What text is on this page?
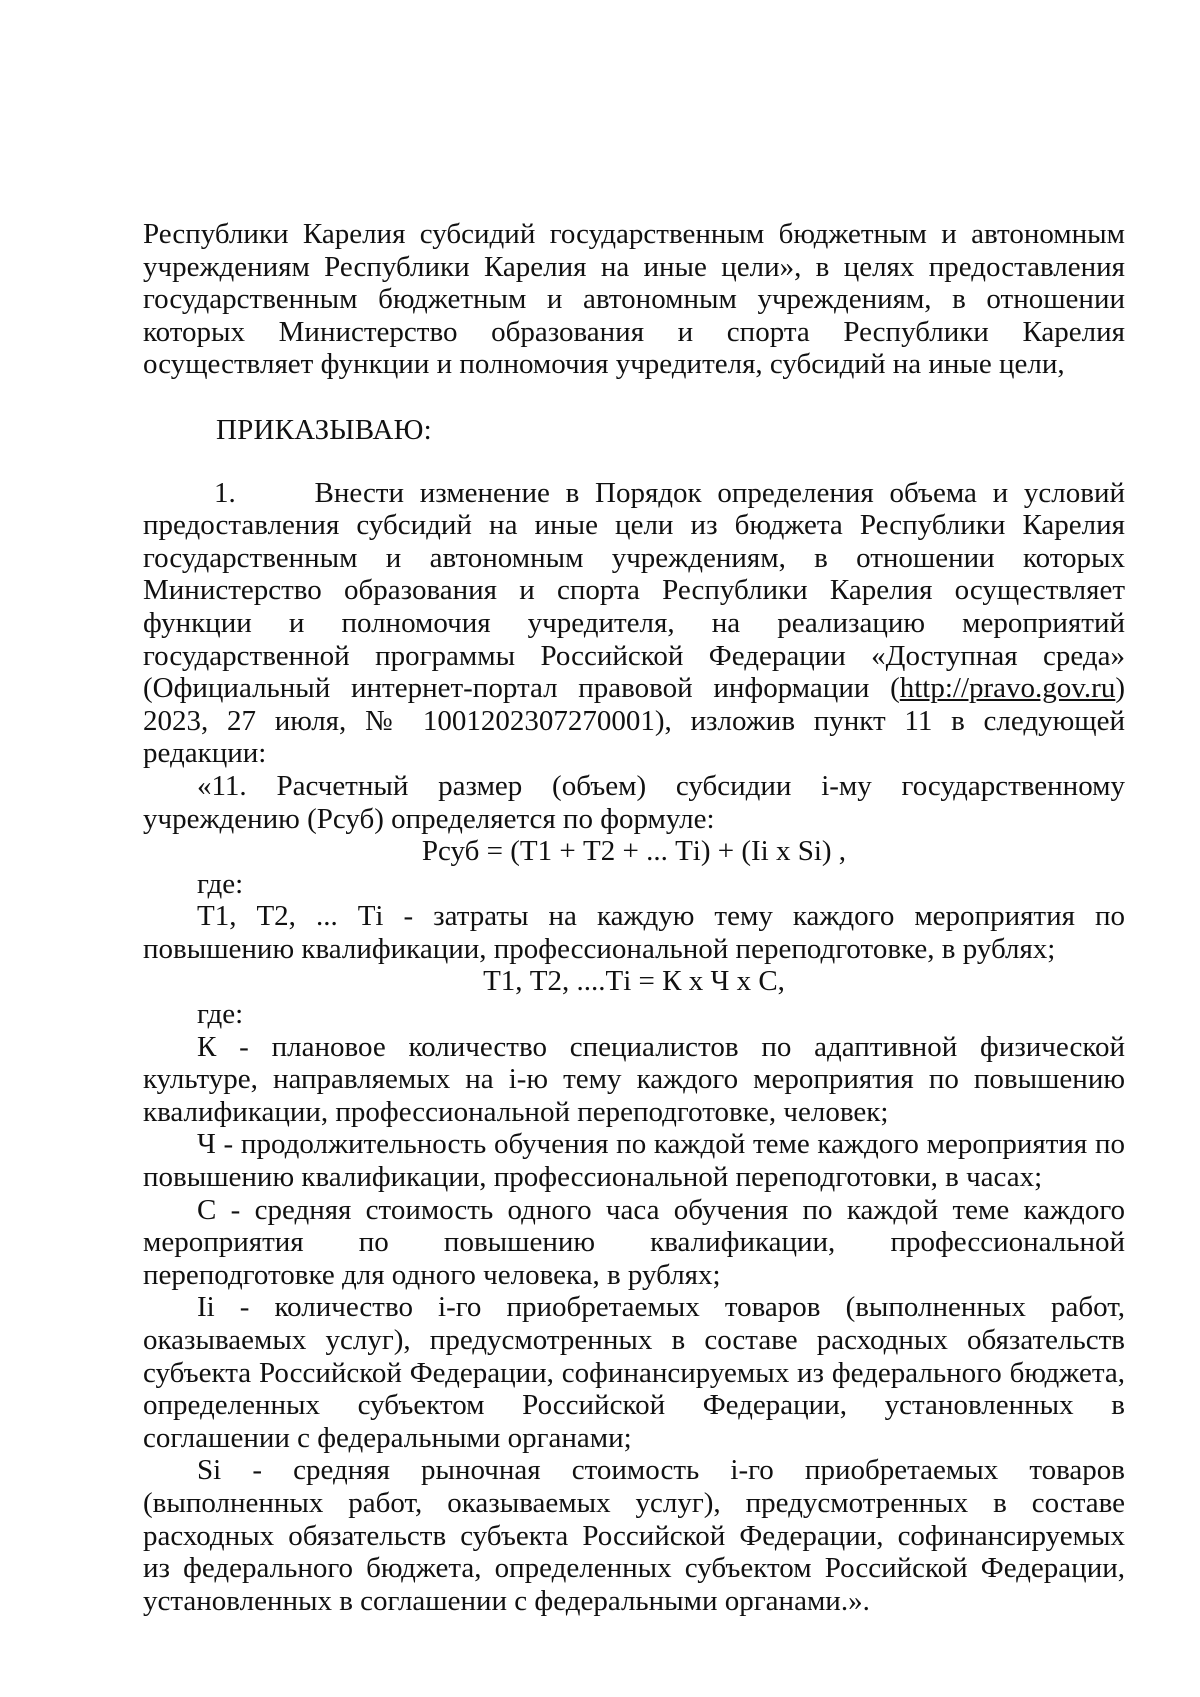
Республики Карелия субсидий государственным бюджетным и автономным учреждениям Республики Карелия на иные цели», в целях предоставления государственным бюджетным и автономным учреждениям, в отношении которых Министерство образования и спорта Республики Карелия осуществляет функции и полномочия учредителя, субсидий на иные цели,

ПРИКАЗЫВАЮ:

1.	Внести изменение в Порядок определения объема и условий предоставления субсидий на иные цели из бюджета Республики Карелия государственным и автономным учреждениям, в отношении которых Министерство образования и спорта Республики Карелия осуществляет функции и полномочия учредителя, на реализацию мероприятий государственной программы Российской Федерации «Доступная среда» (Официальный интернет-портал правовой информации (http://pravo.gov.ru) 2023, 27 июля, № 1001202307270001), изложив пункт 11 в следующей редакции:

«11. Расчетный размер (объем) субсидии i-му государственному учреждению (Рсуб) определяется по формуле:

Рсуб = (Т1 + Т2 + ... Тi) + (Ii x Si) ,

где:

Т1, Т2, ... Тi - затраты на каждую тему каждого мероприятия по повышению квалификации, профессиональной переподготовке, в рублях;

Т1, Т2, ....Тi = К х Ч х С,

где:

К - плановое количество специалистов по адаптивной физической культуре, направляемых на i-ю тему каждого мероприятия по повышению квалификации, профессиональной переподготовке, человек;

Ч - продолжительность обучения по каждой теме каждого мероприятия по повышению квалификации, профессиональной переподготовки, в часах;

С - средняя стоимость одного часа обучения по каждой теме каждого мероприятия по повышению квалификации, профессиональной переподготовке для одного человека, в рублях;

Ii - количество i-го приобретаемых товаров (выполненных работ, оказываемых услуг), предусмотренных в составе расходных обязательств субъекта Российской Федерации, софинансируемых из федерального бюджета, определенных субъектом Российской Федерации, установленных в соглашении с федеральными органами;

Si - средняя рыночная стоимость i-го приобретаемых товаров (выполненных работ, оказываемых услуг), предусмотренных в составе расходных обязательств субъекта Российской Федерации, софинансируемых из федерального бюджета, определенных субъектом Российской Федерации, установленных в соглашении с федеральными органами.».
